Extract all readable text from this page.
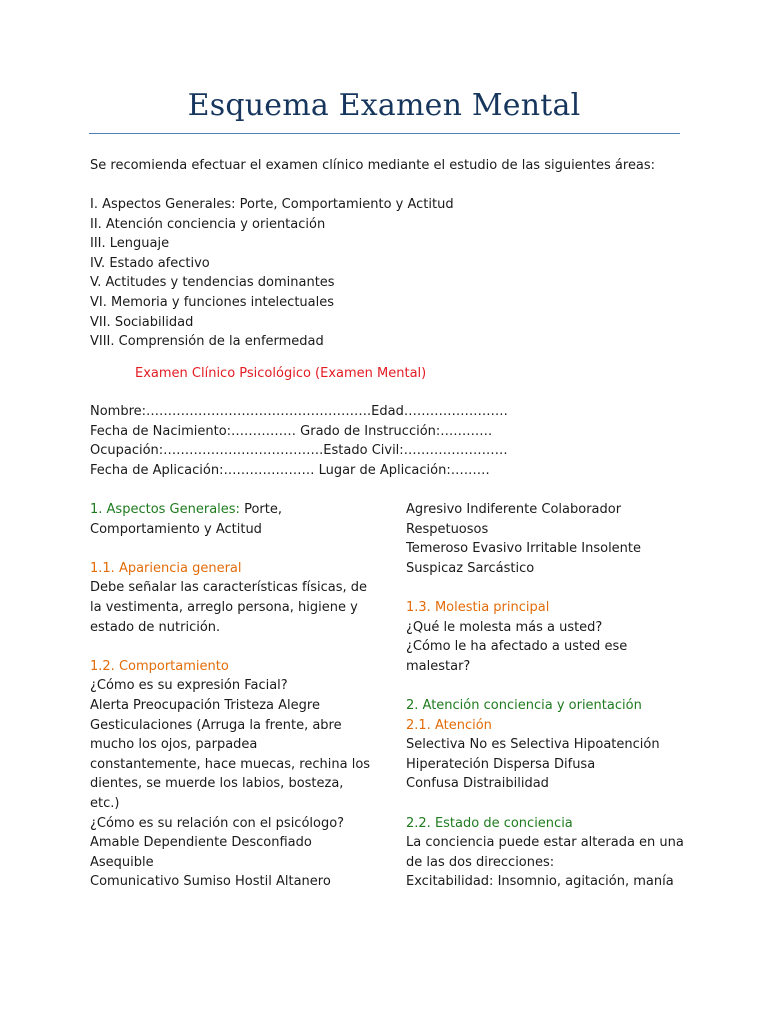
Esquema Examen Mental
Se recomienda efectuar el examen clínico mediante el estudio de las siguientes áreas:
I. Aspectos Generales: Porte, Comportamiento y Actitud
II. Atención conciencia y orientación
III. Lenguaje
IV. Estado afectivo
V. Actitudes y tendencias dominantes
VI. Memoria y funciones intelectuales
VII. Sociabilidad
VIII. Comprensión de la enfermedad
Examen Clínico Psicológico (Examen Mental)
Nombre:…………………………………………….Edad……………………
Fecha de Nacimiento:…………… Grado de Instrucción:…………
Ocupación:……………………………….Estado Civil:……………………
Fecha de Aplicación:………………… Lugar de Aplicación:………
1. Aspectos Generales: Porte,
Comportamiento y Actitud
1.1. Apariencia general
Debe señalar las características físicas, de
la vestimenta, arreglo persona, higiene y
estado de nutrición.
1.2. Comportamiento
¿Cómo es su expresión Facial?
Alerta Preocupación Tristeza Alegre
Gesticulaciones (Arruga la frente, abre
mucho los ojos, parpadea
constantemente, hace muecas, rechina los
dientes, se muerde los labios, bosteza,
etc.)
¿Cómo es su relación con el psicólogo?
Amable Dependiente Desconfiado
Asequible
Comunicativo Sumiso Hostil Altanero
Agresivo Indiferente Colaborador
Respetuosos
Temeroso Evasivo Irritable Insolente
Suspicaz Sarcástico
1.3. Molestia principal
¿Qué le molesta más a usted?
¿Cómo le ha afectado a usted ese
malestar?
2. Atención conciencia y orientación
2.1. Atención
Selectiva No es Selectiva Hipoatención
Hiperateción Dispersa Difusa
Confusa Distraibilidad
2.2. Estado de conciencia
La conciencia puede estar alterada en una
de las dos direcciones:
Excitabilidad: Insomnio, agitación, manía
